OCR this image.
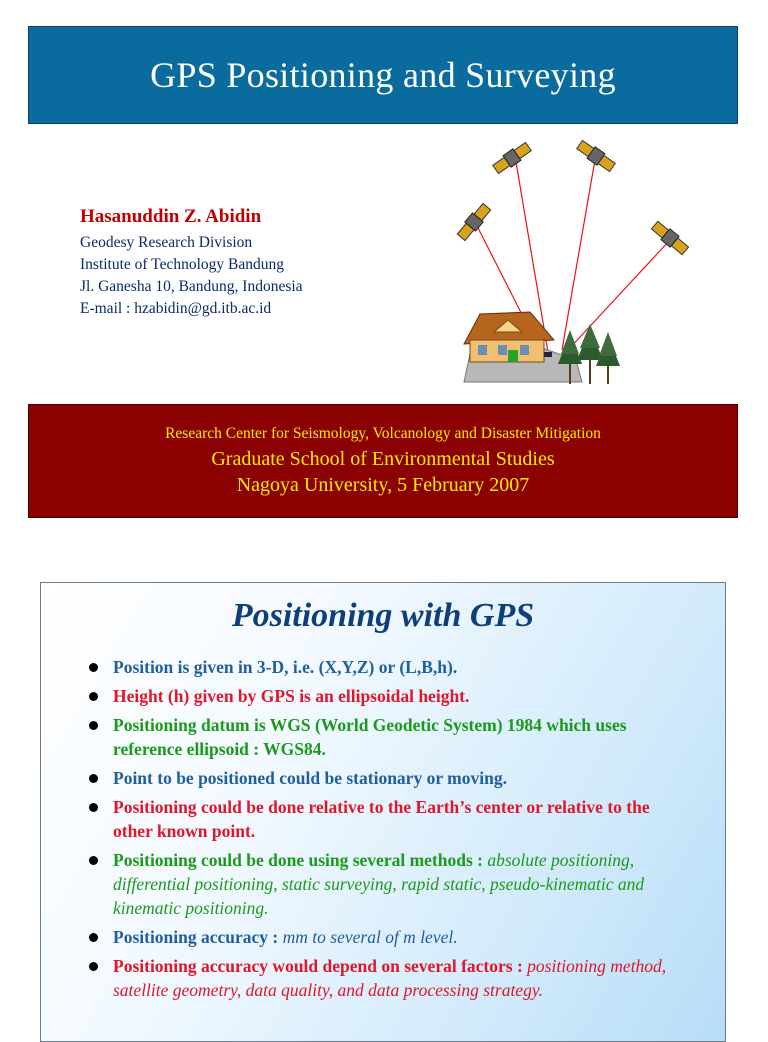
GPS Positioning and Surveying
Hasanuddin Z. Abidin
Geodesy Research Division
Institute of Technology Bandung
Jl. Ganesha 10, Bandung, Indonesia
E-mail : hzabidin@gd.itb.ac.id
Research Center for Seismology, Volcanology and Disaster Mitigation
Graduate School of Environmental Studies
Nagoya University, 5 February 2007
Positioning with GPS
Position is given in 3-D, i.e. (X,Y,Z) or (L,B,h).
Height (h) given by GPS is an ellipsoidal height.
Positioning datum is WGS (World Geodetic System) 1984 which uses reference ellipsoid : WGS84.
Point to be positioned could be stationary or moving.
Positioning could be done relative to the Earth’s center or relative to the other known point.
Positioning could be done using several methods : absolute positioning, differential positioning, static surveying, rapid static, pseudo-kinematic and kinematic positioning.
Positioning accuracy : mm to several of m level.
Positioning accuracy would depend on several factors : positioning method, satellite geometry, data quality, and data processing strategy.
